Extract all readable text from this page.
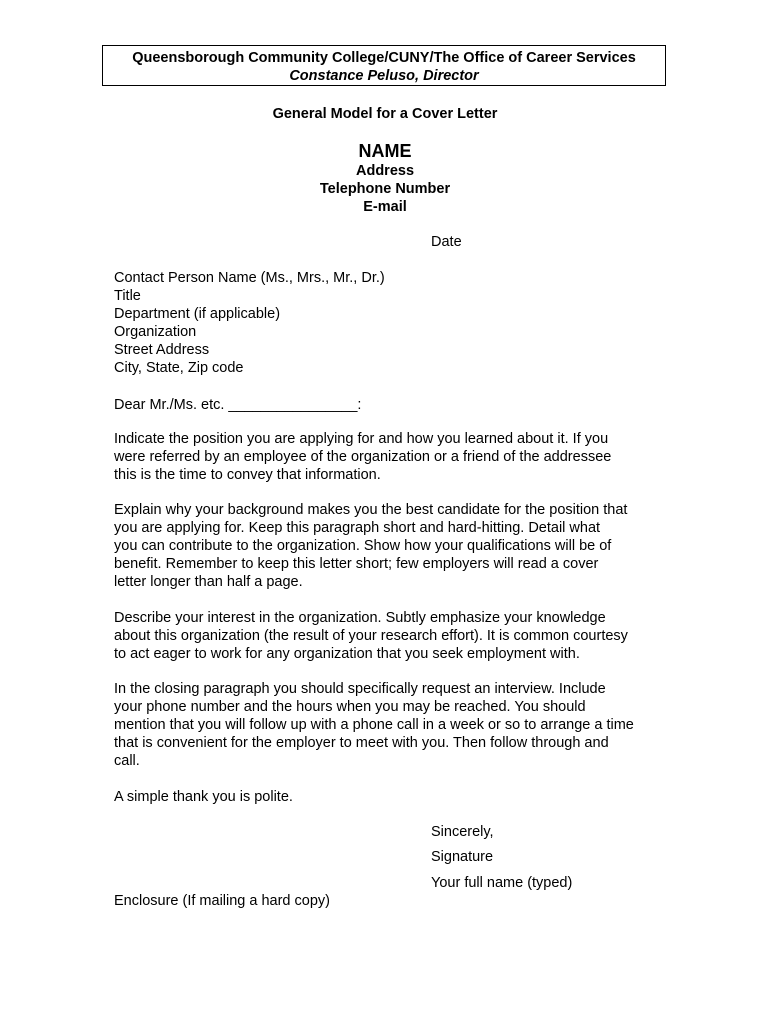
Queensborough Community College/CUNY/The Office of Career Services
Constance Peluso, Director
General Model for a Cover Letter
NAME
Address
Telephone Number
E-mail
Date
Contact Person Name (Ms., Mrs., Mr., Dr.)
Title
Department (if applicable)
Organization
Street Address
City, State, Zip code
Dear Mr./Ms. etc. ________________:
Indicate the position you are applying for and how you learned about it. If you
were referred by an employee of the organization or a friend of the addressee
this is the time to convey that information.
Explain why your background makes you the best candidate for the position that
you are applying for. Keep this paragraph short and hard-hitting. Detail what
you can contribute to the organization. Show how your qualifications will be of
benefit. Remember to keep this letter short; few employers will read a cover
letter longer than half a page.
Describe your interest in the organization. Subtly emphasize your knowledge
about this organization (the result of your research effort). It is common courtesy
to act eager to work for any organization that you seek employment with.
In the closing paragraph you should specifically request an interview. Include
your phone number and the hours when you may be reached. You should
mention that you will follow up with a phone call in a week or so to arrange a time
that is convenient for the employer to meet with you. Then follow through and
call.
A simple thank you is polite.
Sincerely,
Signature
Your full name (typed)
Enclosure (If mailing a hard copy)
